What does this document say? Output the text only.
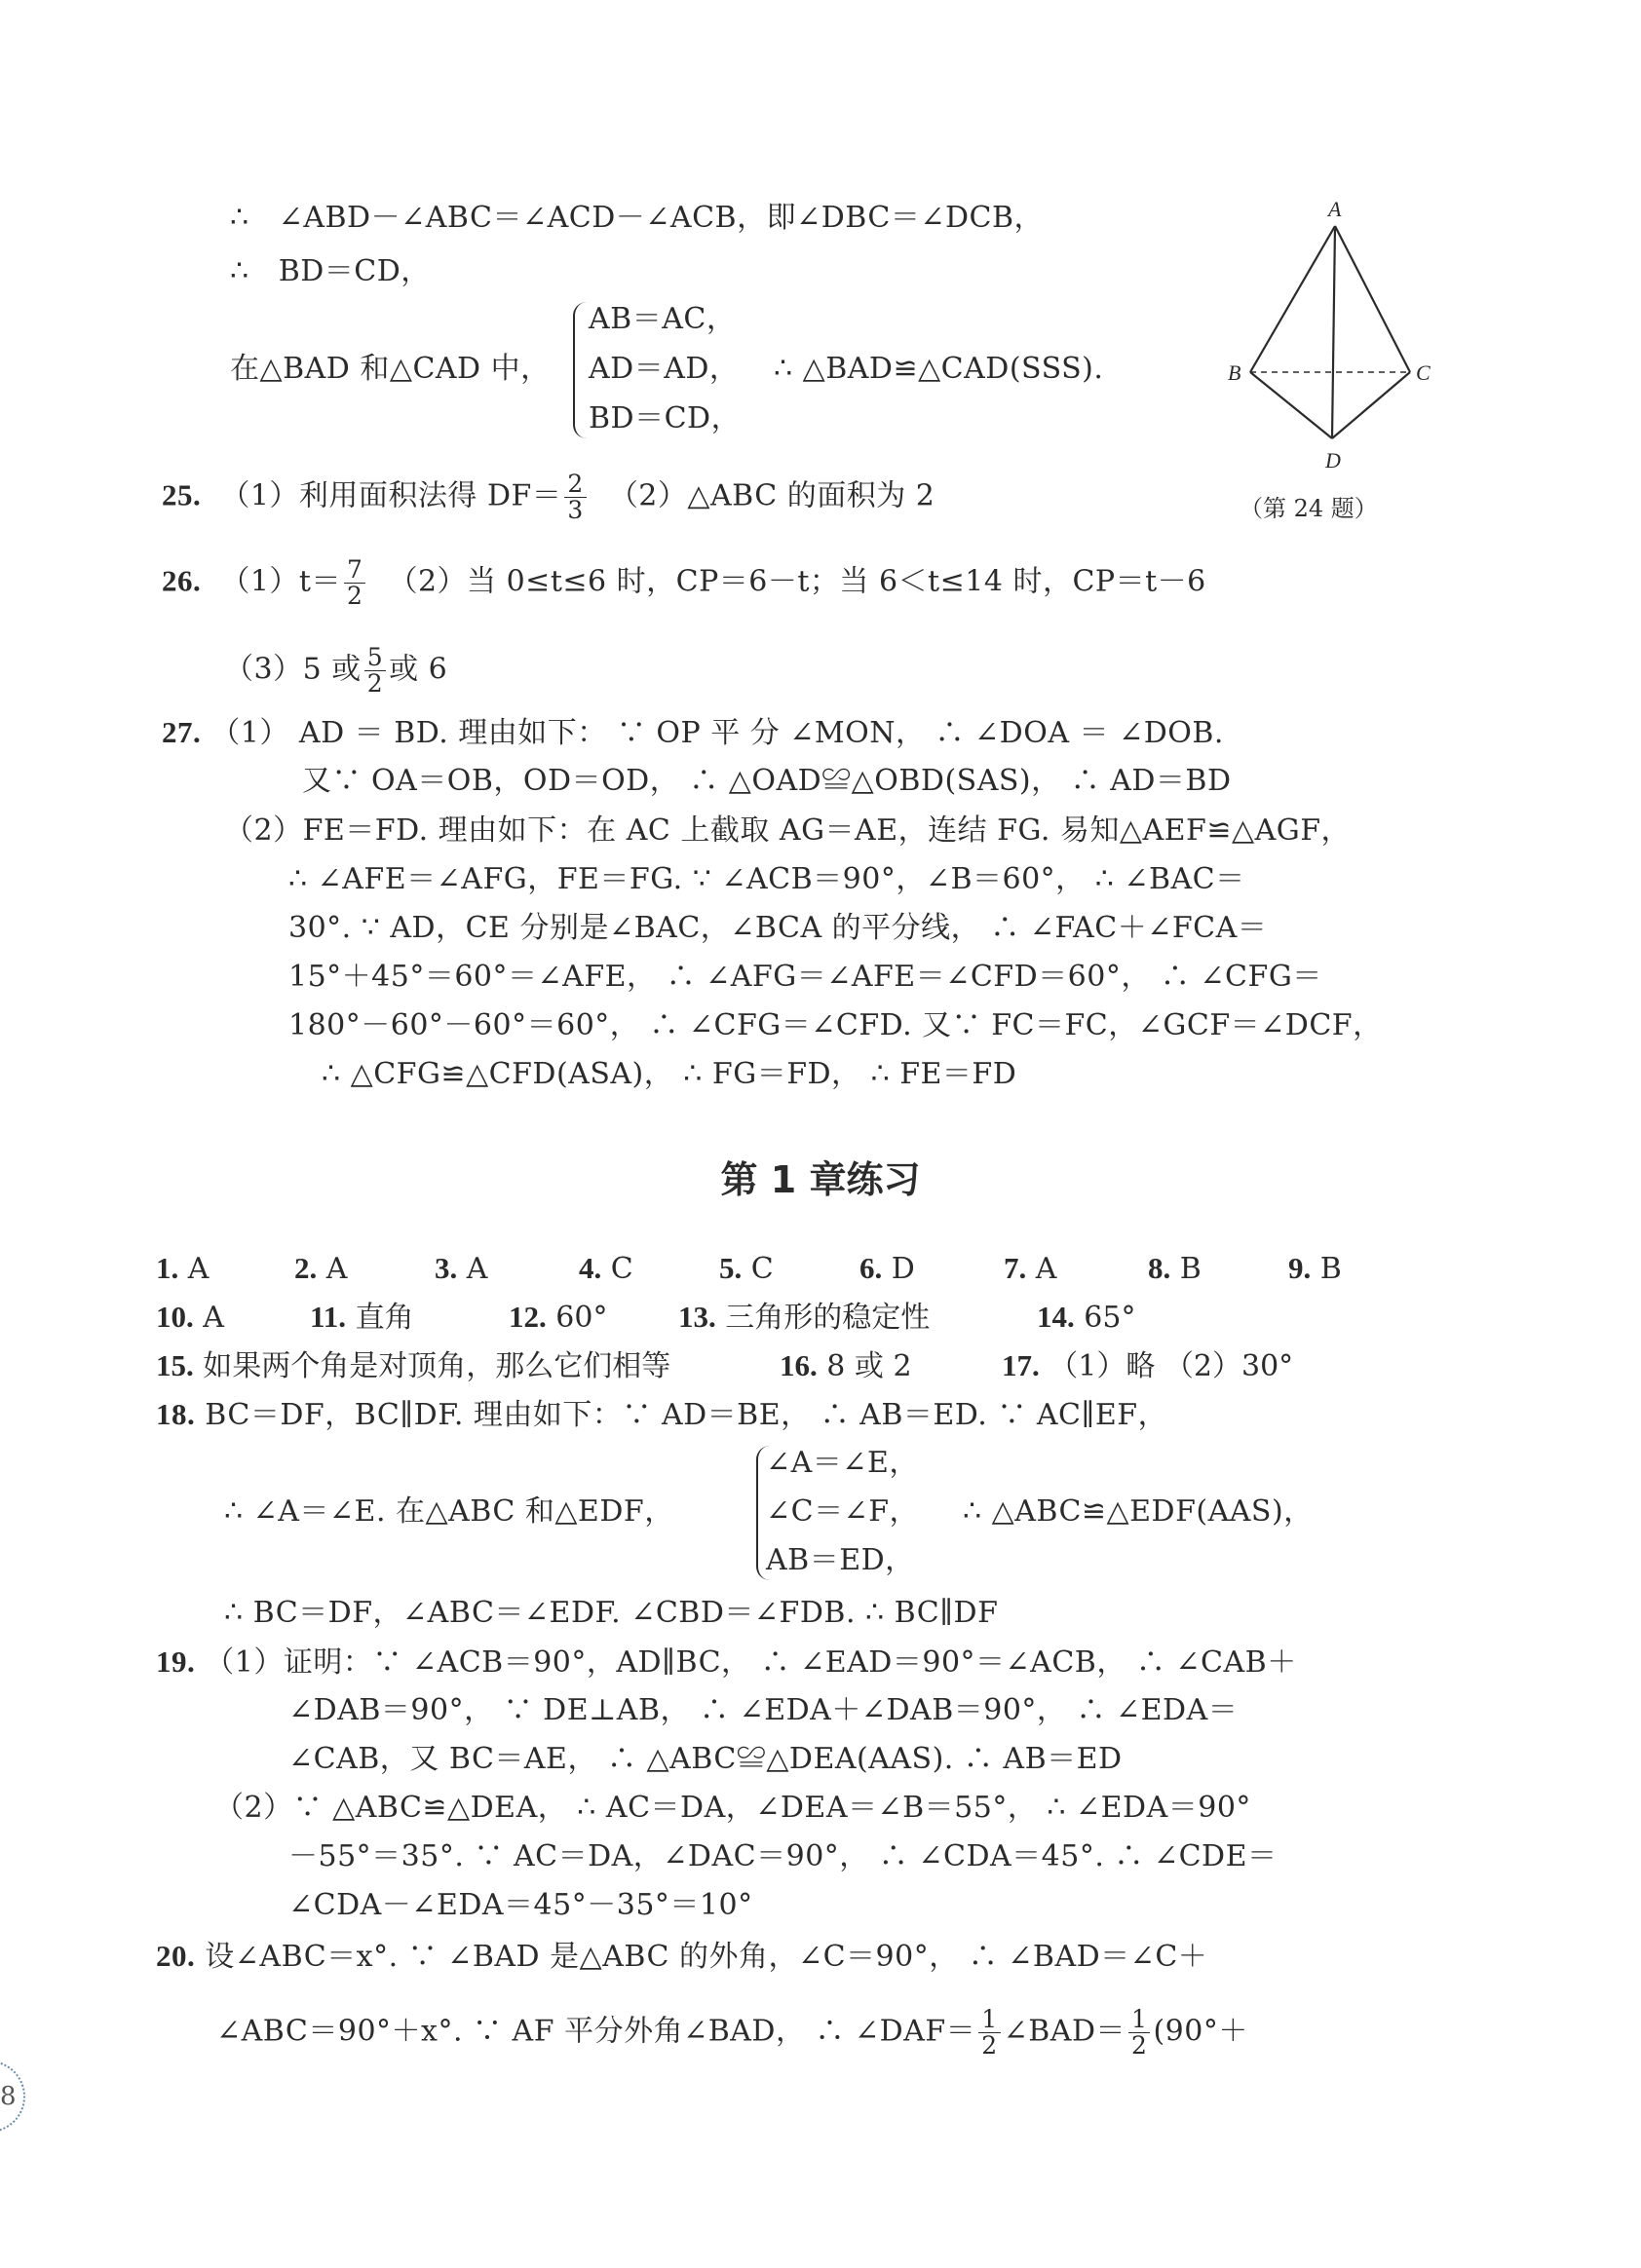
∴ ∠ABD－∠ABC＝∠ACD－∠ACB，即∠DBC＝∠DCB，
∴ BD＝CD，
在△BAD 和△CAD 中，
AB＝AC，
AD＝AD，
BD＝CD，
∴ △BAD≌△CAD(SSS).
A
B	C
D
（第 24 题）
25. （1）利用面积法得 $DF= \frac{2}{3}$ （2）△ABC 的面积为 2
26. $(1)t= \frac{7}{2} (2)$当 0≤t≤6 时，CP＝6－t；当 6＜t≤14 时，CP＝t－6
（3）5 或 $\frac{5}{2}$ 或 6
27. （1） AD ＝ BD. 理由如下： ∵ OP 平 分 ∠MON， ∴ ∠DOA ＝ ∠DOB.
又∵ OA＝OB，OD＝OD， ∴ △OAD≌△OBD(SAS)， ∴ AD＝BD
（2）FE＝FD. 理由如下：在 AC 上截取 AG＝AE，连结 FG. 易知△AEF≌△AGF，
∴ ∠AFE＝∠AFG，FE＝FG. ∵ ∠ACB＝90°，∠B＝60°， ∴ ∠BAC＝
30°. ∵ AD，CE 分别是∠BAC，∠BCA 的平分线， ∴ ∠FAC＋∠FCA＝
15°＋45°＝60°＝∠AFE， ∴ ∠AFG＝∠AFE＝∠CFD＝60°， ∴ ∠CFG＝
180°－60°－60°＝60°， ∴ ∠CFG＝∠CFD. 又∵ FC＝FC，∠GCF＝∠DCF，
∴ △CFG≌△CFD(ASA)， ∴ FG＝FD， ∴ FE＝FD
第 1 章练习
1. A	2. A	3. A	4. C	5. C	6. D	7. A	8. B	9. B
10. A	11. 直角	12. 60° 13. 三角形的稳定性	14. 65°
15. 如果两个角是对顶角，那么它们相等	16. 8 或 2	17. （1）略 （2）30°
18. BC＝DF，BC∥DF. 理由如下：∵ AD＝BE， ∴ AB＝ED. ∵ AC∥EF，
∴ ∠A＝∠E. 在△ABC 和△EDF，
∠A＝∠E，
∠C＝∠F，
AB＝ED，
∴ △ABC≌△EDF(AAS)，
∴ BC＝DF，∠ABC＝∠EDF. ∠CBD＝∠FDB. ∴ BC∥DF
19. （1）证明：∵ ∠ACB＝90°，AD∥BC， ∴ ∠EAD＝90°＝∠ACB， ∴ ∠CAB＋
∠DAB＝90°， ∵ DE⊥AB， ∴ ∠EDA＋∠DAB＝90°， ∴ ∠EDA＝
∠CAB，又 BC＝AE， ∴ △ABC≌△DEA(AAS). ∴ AB＝ED
（2）∵ △ABC≌△DEA， ∴ AC＝DA，∠DEA＝∠B＝55°， ∴ ∠EDA＝90°
－55°＝35°. ∵ AC＝DA，∠DAC＝90°， ∴ ∠CDA＝45°. ∴ ∠CDE＝
∠CDA－∠EDA＝45°－35°＝10°
20. 设∠ABC＝x°. ∵ ∠BAD 是△ABC 的外角，∠C＝90°， ∴ ∠BAD＝∠C＋
∠ABC＝90°＋x°. ∵ AF 平分外角∠BAD， ∴ ∠DAF＝ $\frac{1}{2}$ ∠BAD＝ $\frac{1}{2} (90^\circ+$
8
